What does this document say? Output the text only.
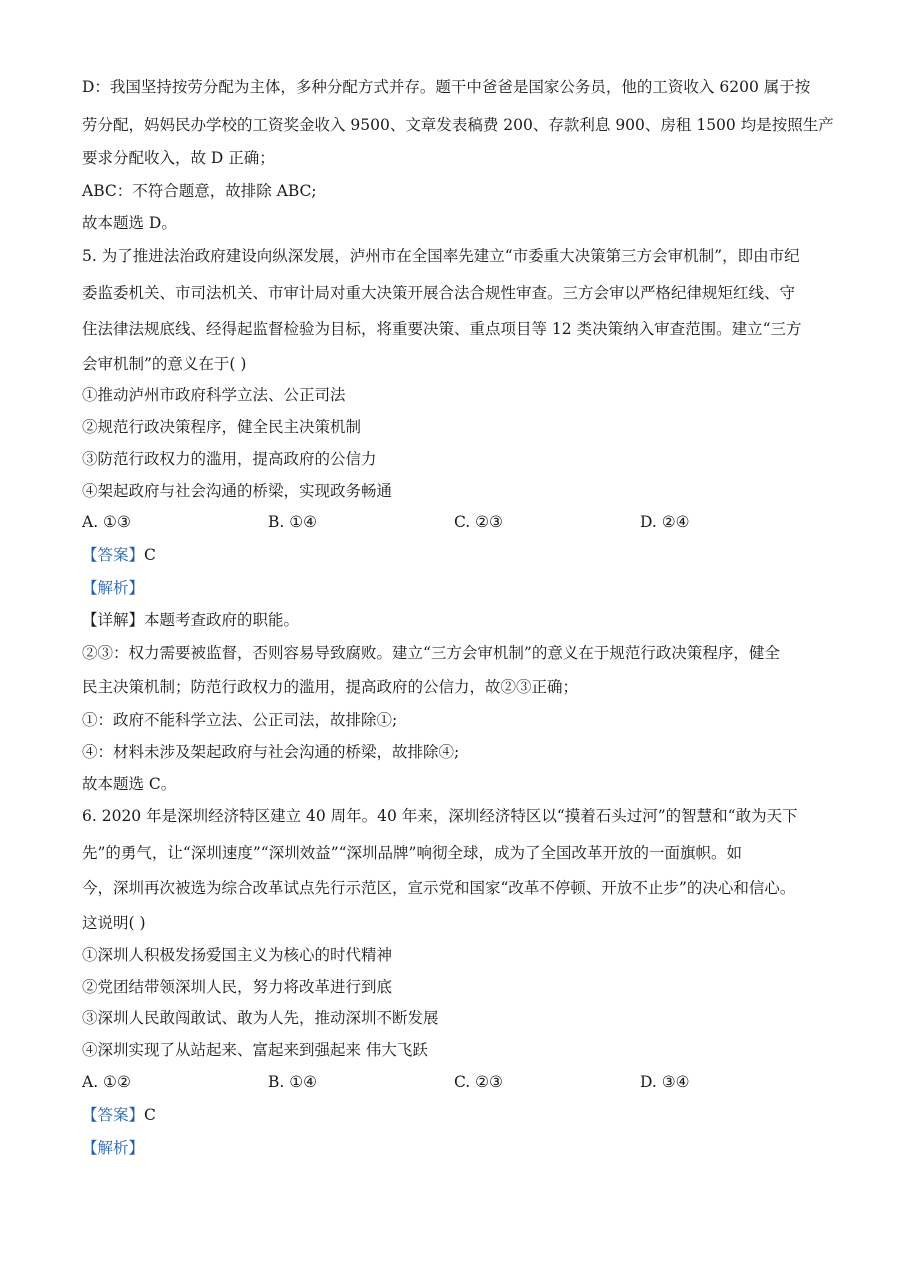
D：我国坚持按劳分配为主体，多种分配方式并存。题干中爸爸是国家公务员，他的工资收入 6200 属于按
劳分配，妈妈民办学校的工资奖金收入 9500、文章发表稿费 200、存款利息 900、房租 1500 均是按照生产
要求分配收入，故 D 正确；
ABC：不符合题意，故排除 ABC;
故本题选 D。
5. 为了推进法治政府建设向纵深发展，泸州市在全国率先建立“市委重大决策第三方会审机制”，即由市纪
委监委机关、市司法机关、市审计局对重大决策开展合法合规性审查。三方会审以严格纪律规矩红线、守
住法律法规底线、经得起监督检验为目标，将重要决策、重点项目等 12 类决策纳入审查范围。建立“三方
会审机制”的意义在于( )
①推动泸州市政府科学立法、公正司法
②规范行政决策程序，健全民主决策机制
③防范行政权力的滥用，提高政府的公信力
④架起政府与社会沟通的桥梁，实现政务畅通
A. ①③	B. ①④	C. ②③	D. ②④
【答案】C
【解析】
【详解】本题考查政府的职能。
②③：权力需要被监督，否则容易导致腐败。建立“三方会审机制”的意义在于规范行政决策程序，健全
民主决策机制；防范行政权力的滥用，提高政府的公信力，故②③正确；
①：政府不能科学立法、公正司法，故排除①;
④：材料未涉及架起政府与社会沟通的桥梁，故排除④;
故本题选 C。
6. 2020 年是深圳经济特区建立 40 周年。40 年来，深圳经济特区以“摸着石头过河”的智慧和“敢为天下
先”的勇气，让“深圳速度”“深圳效益”“深圳品牌”响彻全球，成为了全国改革开放的一面旗帜。如
今，深圳再次被选为综合改革试点先行示范区，宣示党和国家“改革不停顿、开放不止步”的决心和信心。
这说明( )
①深圳人积极发扬爱国主义为核心的时代精神
②党团结带领深圳人民，努力将改革进行到底
③深圳人民敢闯敢试、敢为人先，推动深圳不断发展
④深圳实现了从站起来、富起来到强起来 伟大飞跃
A. ①②	B. ①④	C. ②③	D. ③④
【答案】C
【解析】
